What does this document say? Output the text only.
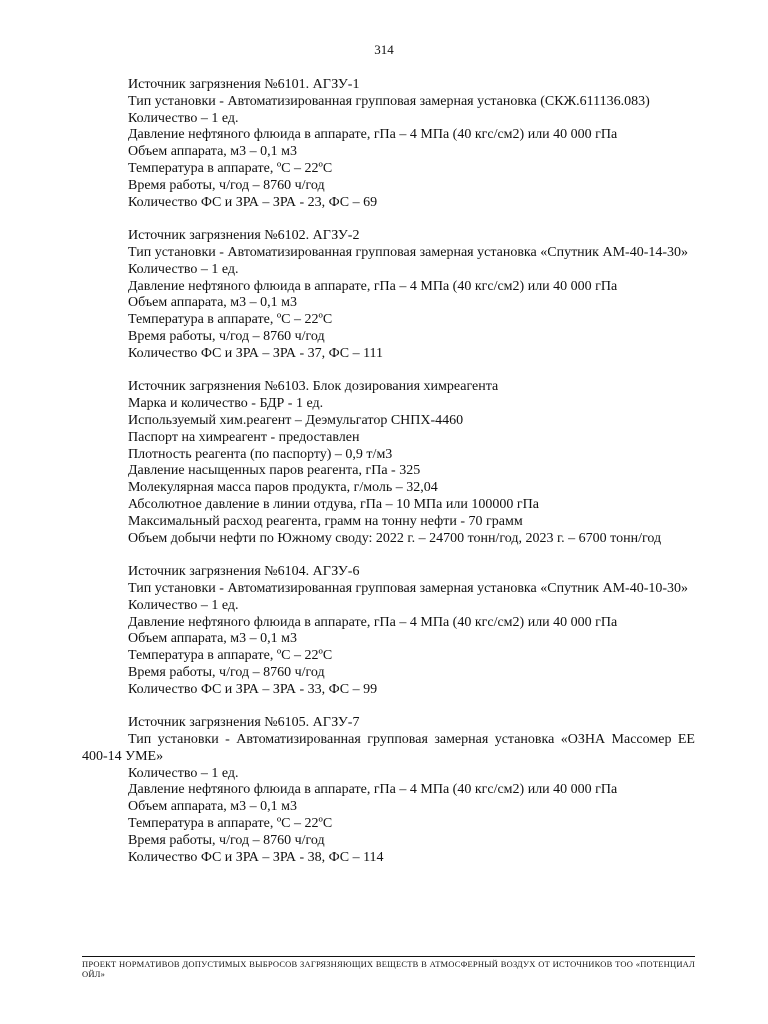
314
Источник загрязнения №6101. АГЗУ-1
Тип установки - Автоматизированная групповая замерная установка (СКЖ.611136.083)
Количество – 1 ед.
Давление нефтяного флюида в аппарате, гПа – 4 МПа (40 кгс/см2) или 40 000 гПа
Объем аппарата, м3 – 0,1 м3
Температура в аппарате, ºС – 22ºС
Время работы, ч/год – 8760 ч/год
Количество ФС и ЗРА – ЗРА - 23, ФС – 69
Источник загрязнения №6102. АГЗУ-2
Тип установки - Автоматизированная групповая замерная установка «Спутник АМ-40-14-30»
Количество – 1 ед.
Давление нефтяного флюида в аппарате, гПа – 4 МПа (40 кгс/см2) или 40 000 гПа
Объем аппарата, м3 – 0,1 м3
Температура в аппарате, ºС – 22ºС
Время работы, ч/год – 8760 ч/год
Количество ФС и ЗРА – ЗРА - 37, ФС – 111
Источник загрязнения №6103. Блок дозирования химреагента
Марка и количество - БДР - 1 ед.
Используемый хим.реагент – Деэмульгатор СНПХ-4460
Паспорт на химреагент - предоставлен
Плотность реагента (по паспорту) – 0,9 т/м3
Давление насыщенных паров реагента, гПа - 325
Молекулярная масса паров продукта, г/моль – 32,04
Абсолютное давление в линии отдува, гПа – 10 МПа или 100000 гПа
Максимальный расход реагента, грамм на тонну нефти - 70 грамм
Объем добычи нефти по Южному своду: 2022 г. – 24700 тонн/год, 2023 г. – 6700 тонн/год
Источник загрязнения №6104. АГЗУ-6
Тип установки - Автоматизированная групповая замерная установка «Спутник АМ-40-10-30»
Количество – 1 ед.
Давление нефтяного флюида в аппарате, гПа – 4 МПа (40 кгс/см2) или 40 000 гПа
Объем аппарата, м3 – 0,1 м3
Температура в аппарате, ºС – 22ºС
Время работы, ч/год – 8760 ч/год
Количество ФС и ЗРА – ЗРА - 33, ФС – 99
Источник загрязнения №6105. АГЗУ-7
Тип установки - Автоматизированная групповая замерная установка «ОЗНА Массомер ЕЕ 400-14 УМЕ»
Количество – 1 ед.
Давление нефтяного флюида в аппарате, гПа – 4 МПа (40 кгс/см2) или 40 000 гПа
Объем аппарата, м3 – 0,1 м3
Температура в аппарате, ºС – 22ºС
Время работы, ч/год – 8760 ч/год
Количество ФС и ЗРА – ЗРА - 38, ФС – 114
ПРОЕКТ НОРМАТИВОВ ДОПУСТИМЫХ ВЫБРОСОВ ЗАГРЯЗНЯЮЩИХ ВЕЩЕСТВ В АТМОСФЕРНЫЙ ВОЗДУХ ОТ ИСТОЧНИКОВ ТОО «ПОТЕНЦИАЛ ОЙЛ»
